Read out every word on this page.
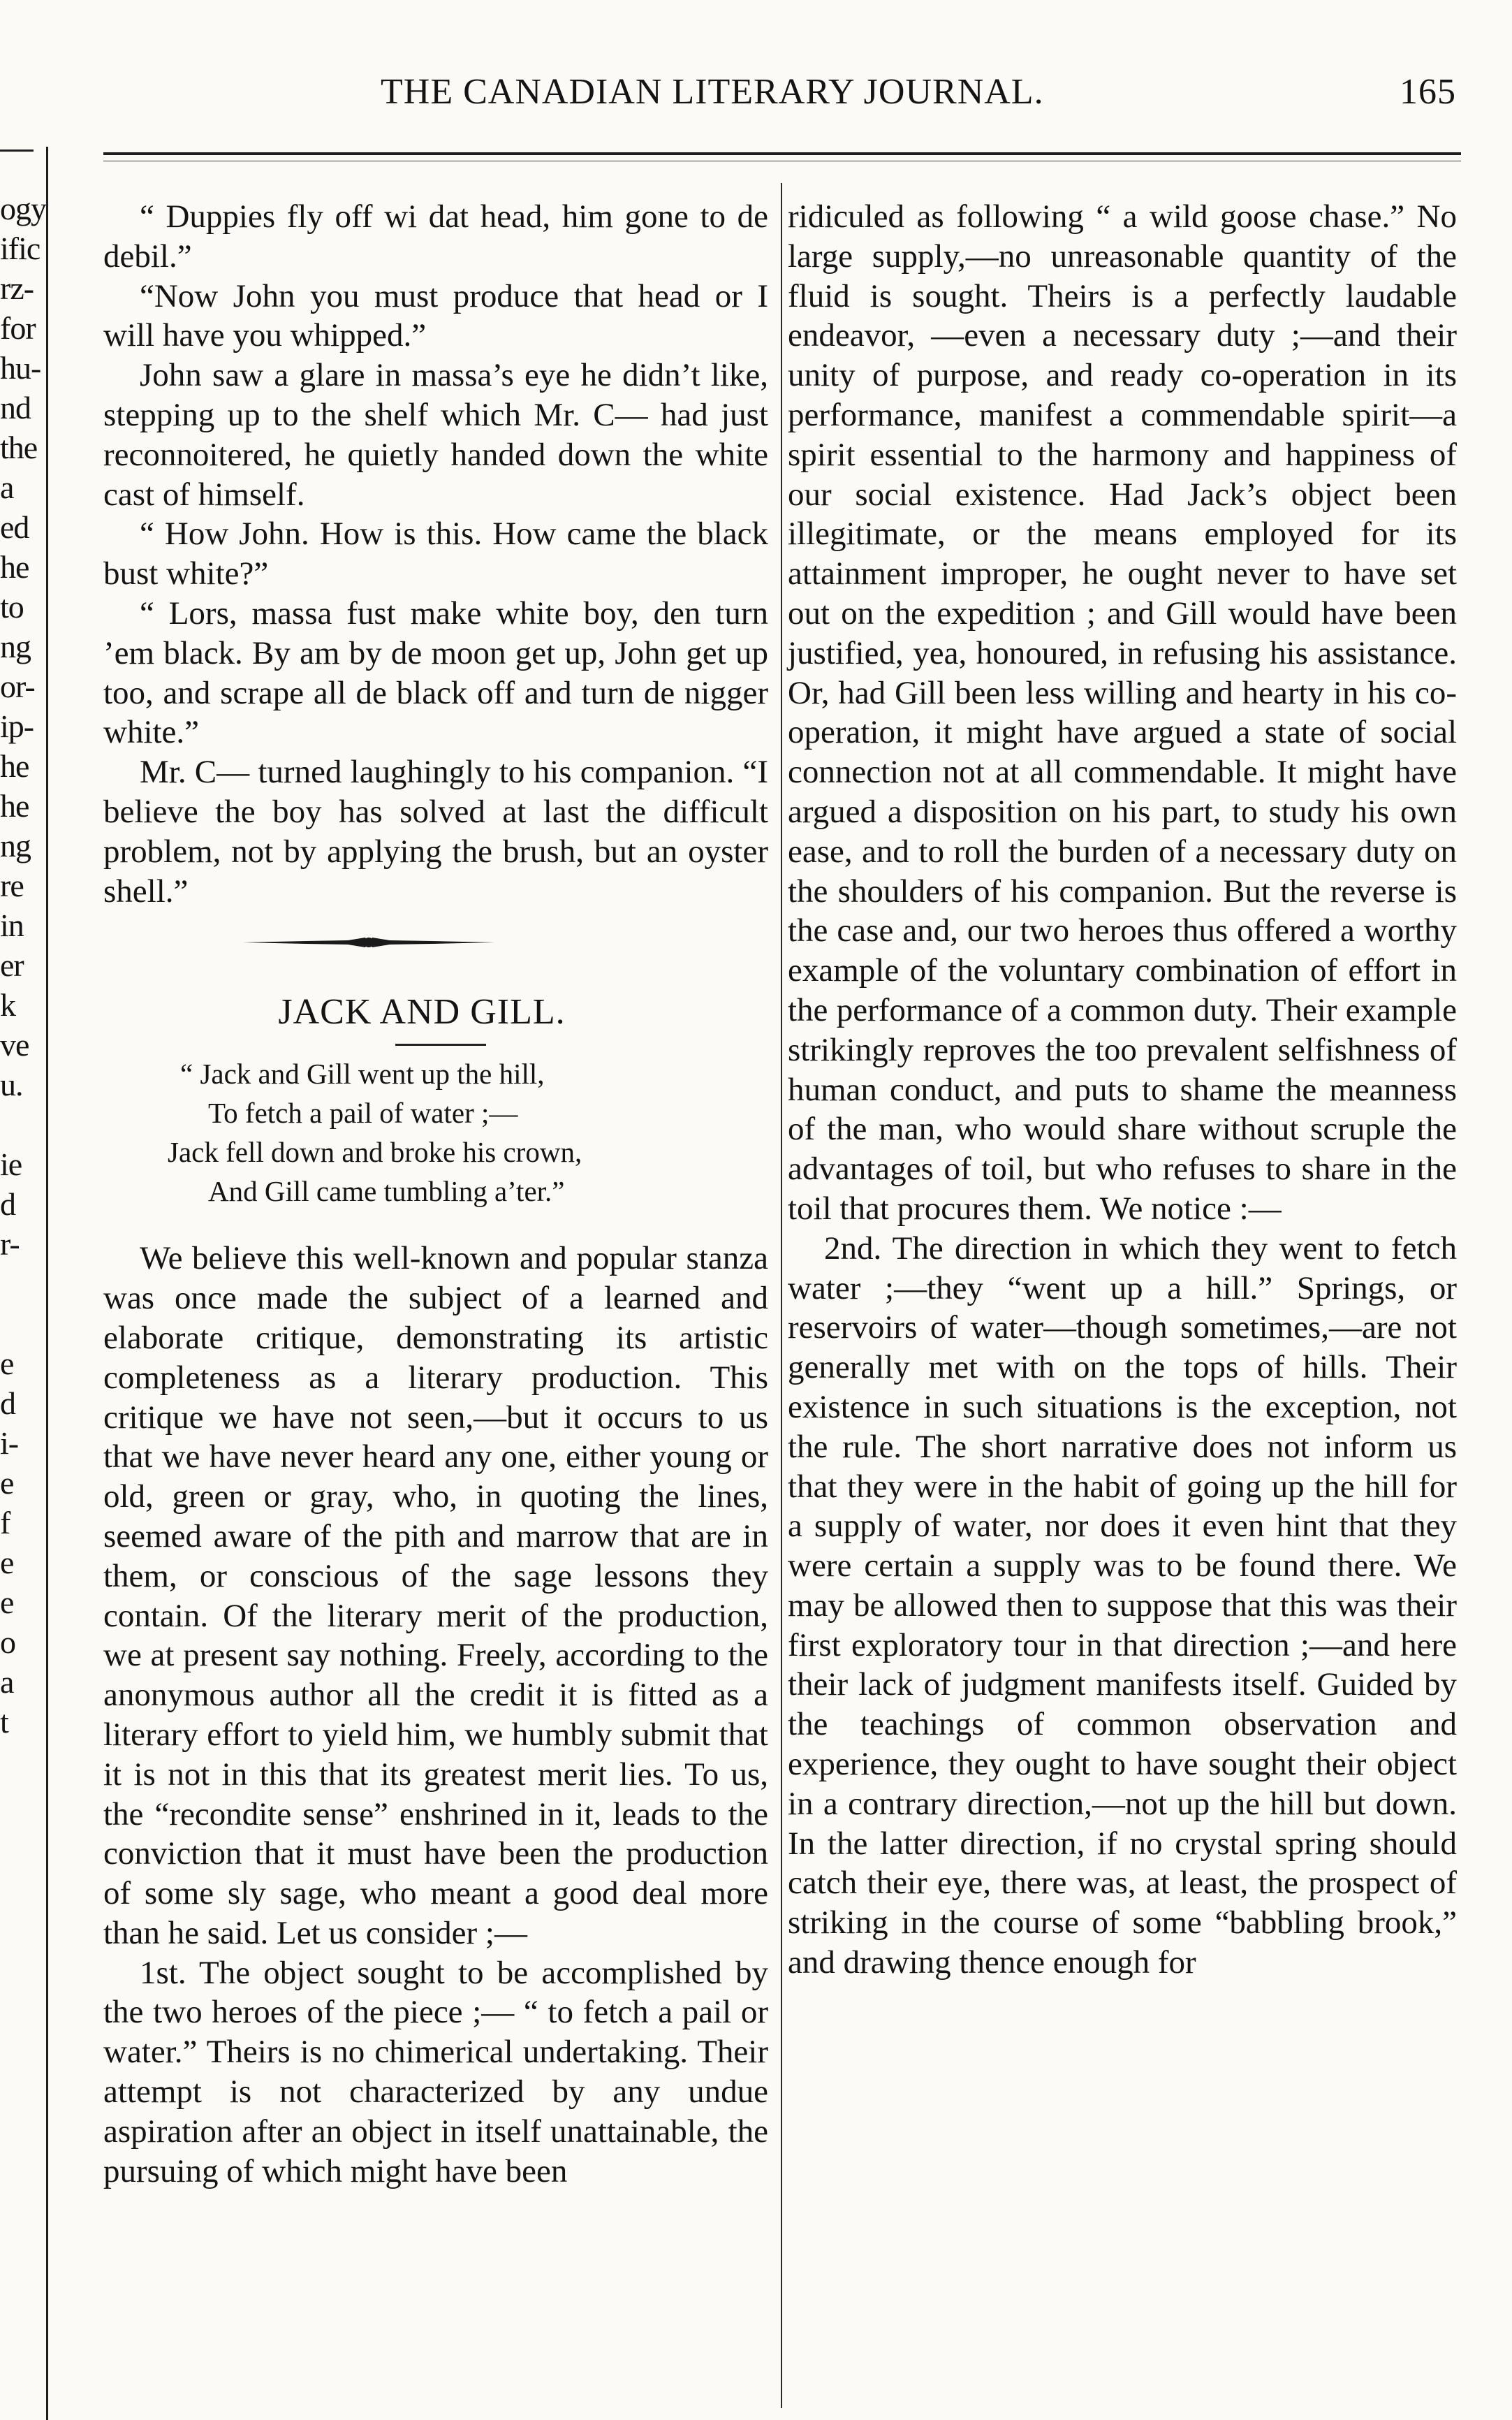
ogy
ific
rz-
for
hu-
nd
the
a
ed
he
to
ng
or-
ip-
he
he
ng
re
in
er
k
ve
u.
ie
d
r-
e
d
i-
e
f
e
e
o
a
t
THE CANADIAN LITERARY JOURNAL.	165

“ Duppies fly off wi dat head, him gone to de debil.”

“Now John you must produce that head or I will have you whipped.”

John saw a glare in massa’s eye he didn’t like, stepping up to the shelf which Mr. C— had just reconnoitered, he quietly handed down the white cast of himself.

“ How John. How is this. How came the black bust white?”

“ Lors, massa fust make white boy, den turn ’em black. By am by de moon get up, John get up too, and scrape all de black off and turn de nigger white.”

Mr. C— turned laughingly to his companion. “I believe the boy has solved at last the difficult problem, not by applying the brush, but an oyster shell.”

JACK AND GILL.
“ Jack and Gill went up the hill,
To fetch a pail of water ;—
Jack fell down and broke his crown,
And Gill came tumbling a’ter.”

We believe this well-known and popular stanza was once made the subject of a learned and elaborate critique, demonstrating its artistic completeness as a literary production. This critique we have not seen,—but it occurs to us that we have never heard any one, either young or old, green or gray, who, in quoting the lines, seemed aware of the pith and marrow that are in them, or conscious of the sage lessons they contain. Of the literary merit of the production, we at present say nothing. Freely, according to the anonymous author all the credit it is fitted as a literary effort to yield him, we humbly submit that it is not in this that its greatest merit lies. To us, the “recondite sense” enshrined in it, leads to the conviction that it must have been the production of some sly sage, who meant a good deal more than he said. Let us consider ;—

1st. The object sought to be accomplished by the two heroes of the piece ;— “ to fetch a pail or water.” Theirs is no chimerical undertaking. Their attempt is not characterized by any undue aspiration after an object in itself unattainable, the pursuing of which might have been

ridiculed as following “ a wild goose chase.” No large supply,—no unreasonable quantity of the fluid is sought. Theirs is a perfectly laudable endeavor, —even a necessary duty ;—and their unity of purpose, and ready co-operation in its performance, manifest a commendable spirit—a spirit essential to the harmony and happiness of our social existence. Had Jack’s object been illegitimate, or the means employed for its attainment improper, he ought never to have set out on the expedition ; and Gill would have been justified, yea, honoured, in refusing his assistance. Or, had Gill been less willing and hearty in his co-operation, it might have argued a state of social connection not at all commendable. It might have argued a disposition on his part, to study his own ease, and to roll the burden of a necessary duty on the shoulders of his companion. But the reverse is the case and, our two heroes thus offered a worthy example of the voluntary combination of effort in the performance of a common duty. Their example strikingly reproves the too prevalent selfishness of human conduct, and puts to shame the meanness of the man, who would share without scruple the advantages of toil, but who refuses to share in the toil that procures them. We notice :—

2nd. The direction in which they went to fetch water ;—they “went up a hill.” Springs, or reservoirs of water—though sometimes,—are not generally met with on the tops of hills. Their existence in such situations is the exception, not the rule. The short narrative does not inform us that they were in the habit of going up the hill for a supply of water, nor does it even hint that they were certain a supply was to be found there. We may be allowed then to suppose that this was their first exploratory tour in that direction ;—and here their lack of judgment manifests itself. Guided by the teachings of common observation and experience, they ought to have sought their object in a contrary direction,—not up the hill but down. In the latter direction, if no crystal spring should catch their eye, there was, at least, the prospect of striking in the course of some “babbling brook,” and drawing thence enough for
